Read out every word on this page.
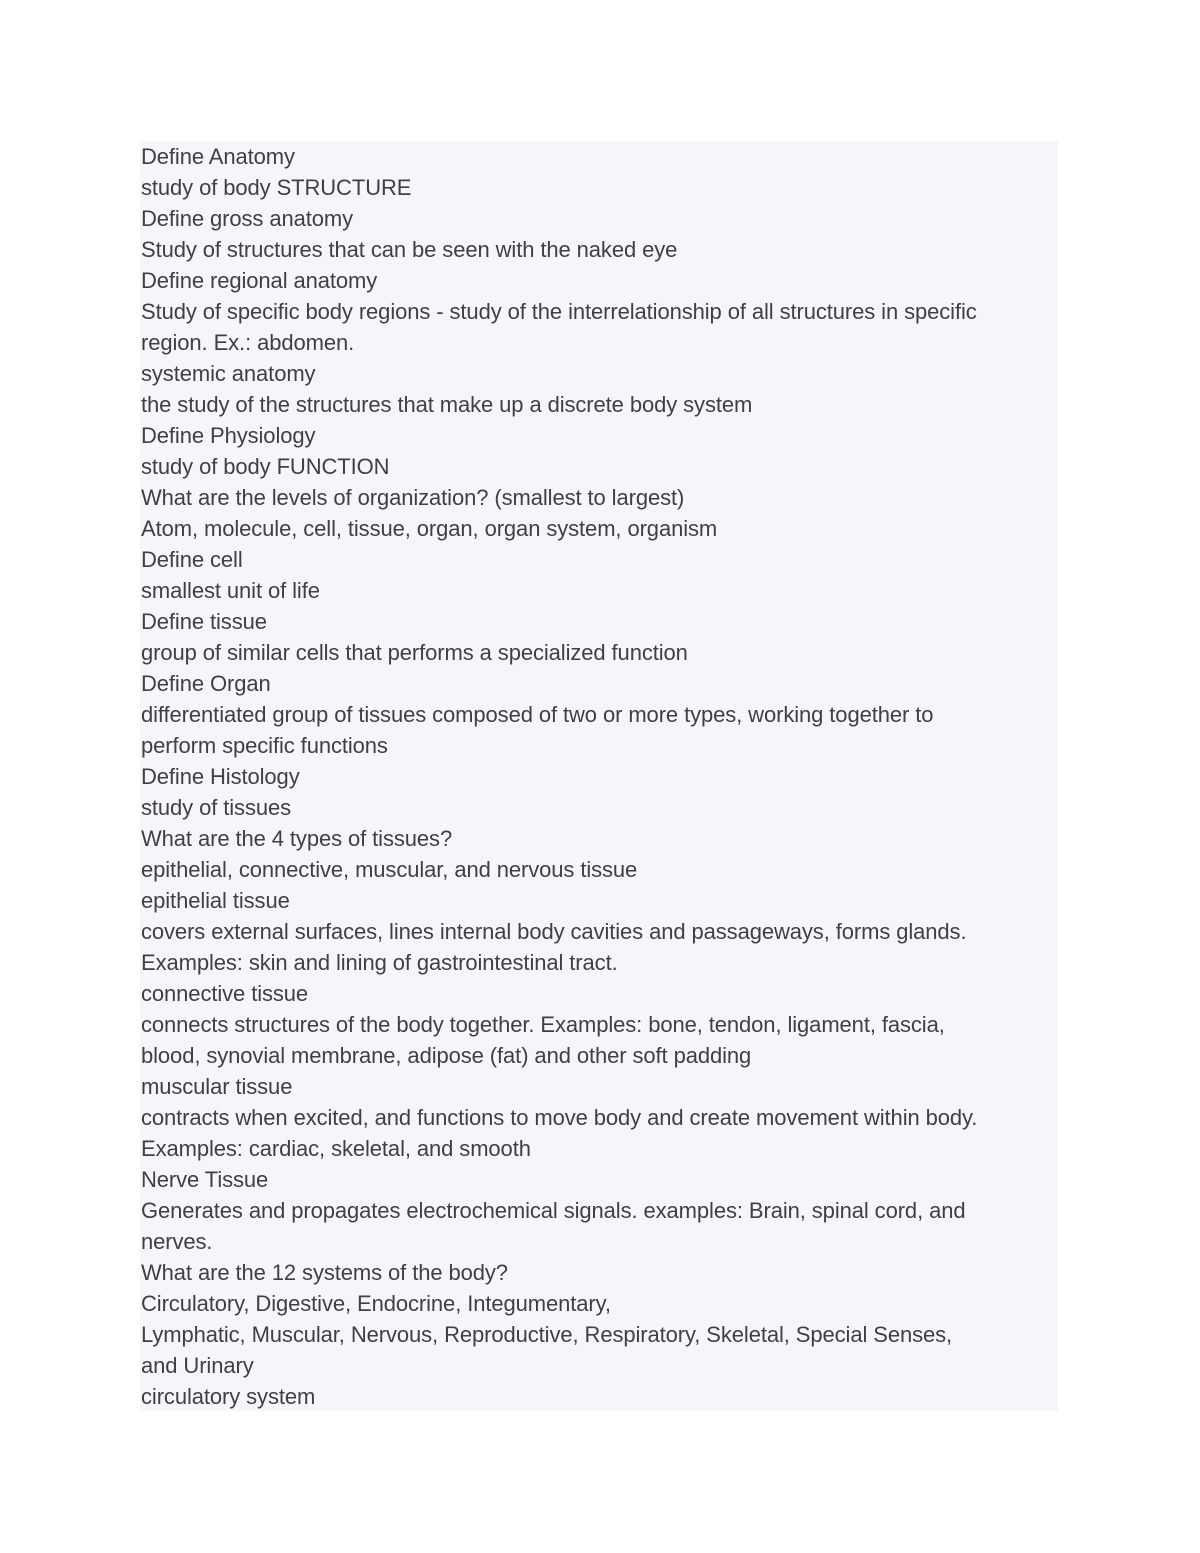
Define Anatomy
study of body STRUCTURE
Define gross anatomy
Study of structures that can be seen with the naked eye
Define regional anatomy
Study of specific body regions - study of the interrelationship of all structures in specific
region. Ex.: abdomen.
systemic anatomy
the study of the structures that make up a discrete body system
Define Physiology
study of body FUNCTION
What are the levels of organization? (smallest to largest)
Atom, molecule, cell, tissue, organ, organ system, organism
Define cell
smallest unit of life
Define tissue
group of similar cells that performs a specialized function
Define Organ
differentiated group of tissues composed of two or more types, working together to
perform specific functions
Define Histology
study of tissues
What are the 4 types of tissues?
epithelial, connective, muscular, and nervous tissue
epithelial tissue
covers external surfaces, lines internal body cavities and passageways, forms glands.
Examples: skin and lining of gastrointestinal tract.
connective tissue
connects structures of the body together. Examples: bone, tendon, ligament, fascia,
blood, synovial membrane, adipose (fat) and other soft padding
muscular tissue
contracts when excited, and functions to move body and create movement within body.
Examples: cardiac, skeletal, and smooth
Nerve Tissue
Generates and propagates electrochemical signals. examples: Brain, spinal cord, and
nerves.
What are the 12 systems of the body?
Circulatory, Digestive, Endocrine, Integumentary,
Lymphatic, Muscular, Nervous, Reproductive, Respiratory, Skeletal, Special Senses,
and Urinary
circulatory system
